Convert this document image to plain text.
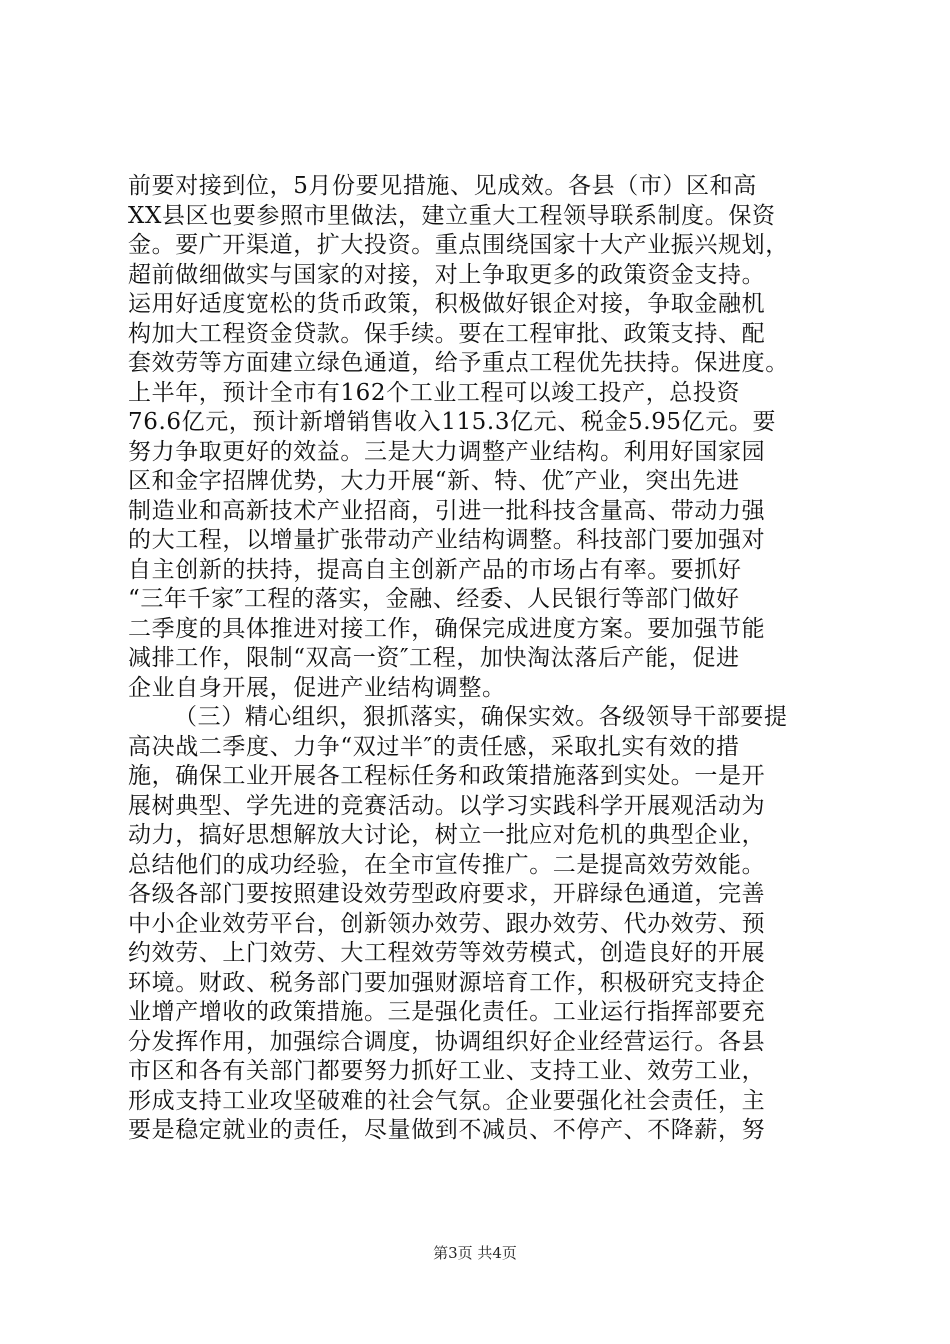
前要对接到位，5月份要见措施、见成效。各县（市）区和高
XX县区也要参照市里做法，建立重大工程领导联系制度。保资
金。要广开渠道，扩大投资。重点围绕国家十大产业振兴规划，
超前做细做实与国家的对接，对上争取更多的政策资金支持。
运用好适度宽松的货币政策，积极做好银企对接，争取金融机
构加大工程资金贷款。保手续。要在工程审批、政策支持、配
套效劳等方面建立绿色通道，给予重点工程优先扶持。保进度。
上半年，预计全市有162个工业工程可以竣工投产，总投资
76.6亿元，预计新增销售收入115.3亿元、税金5.95亿元。要
努力争取更好的效益。三是大力调整产业结构。利用好国家园
区和金字招牌优势，大力开展“新、特、优″产业，突出先进
制造业和高新技术产业招商，引进一批科技含量高、带动力强
的大工程，以增量扩张带动产业结构调整。科技部门要加强对
自主创新的扶持，提高自主创新产品的市场占有率。要抓好
“三年千家″工程的落实，金融、经委、人民银行等部门做好
二季度的具体推进对接工作，确保完成进度方案。要加强节能
减排工作，限制“双高一资″工程，加快淘汰落后产能，促进
企业自身开展，促进产业结构调整。
（三）精心组织，狠抓落实，确保实效。各级领导干部要提
高决战二季度、力争“双过半″的责任感，采取扎实有效的措
施，确保工业开展各工程标任务和政策措施落到实处。一是开
展树典型、学先进的竞赛活动。以学习实践科学开展观活动为
动力，搞好思想解放大讨论，树立一批应对危机的典型企业，
总结他们的成功经验，在全市宣传推广。二是提高效劳效能。
各级各部门要按照建设效劳型政府要求，开辟绿色通道，完善
中小企业效劳平台，创新领办效劳、跟办效劳、代办效劳、预
约效劳、上门效劳、大工程效劳等效劳模式，创造良好的开展
环境。财政、税务部门要加强财源培育工作，积极研究支持企
业增产增收的政策措施。三是强化责任。工业运行指挥部要充
分发挥作用，加强综合调度，协调组织好企业经营运行。各县
市区和各有关部门都要努力抓好工业、支持工业、效劳工业，
形成支持工业攻坚破难的社会气氛。企业要强化社会责任，主
要是稳定就业的责任，尽量做到不减员、不停产、不降薪，努
第3页 共4页
